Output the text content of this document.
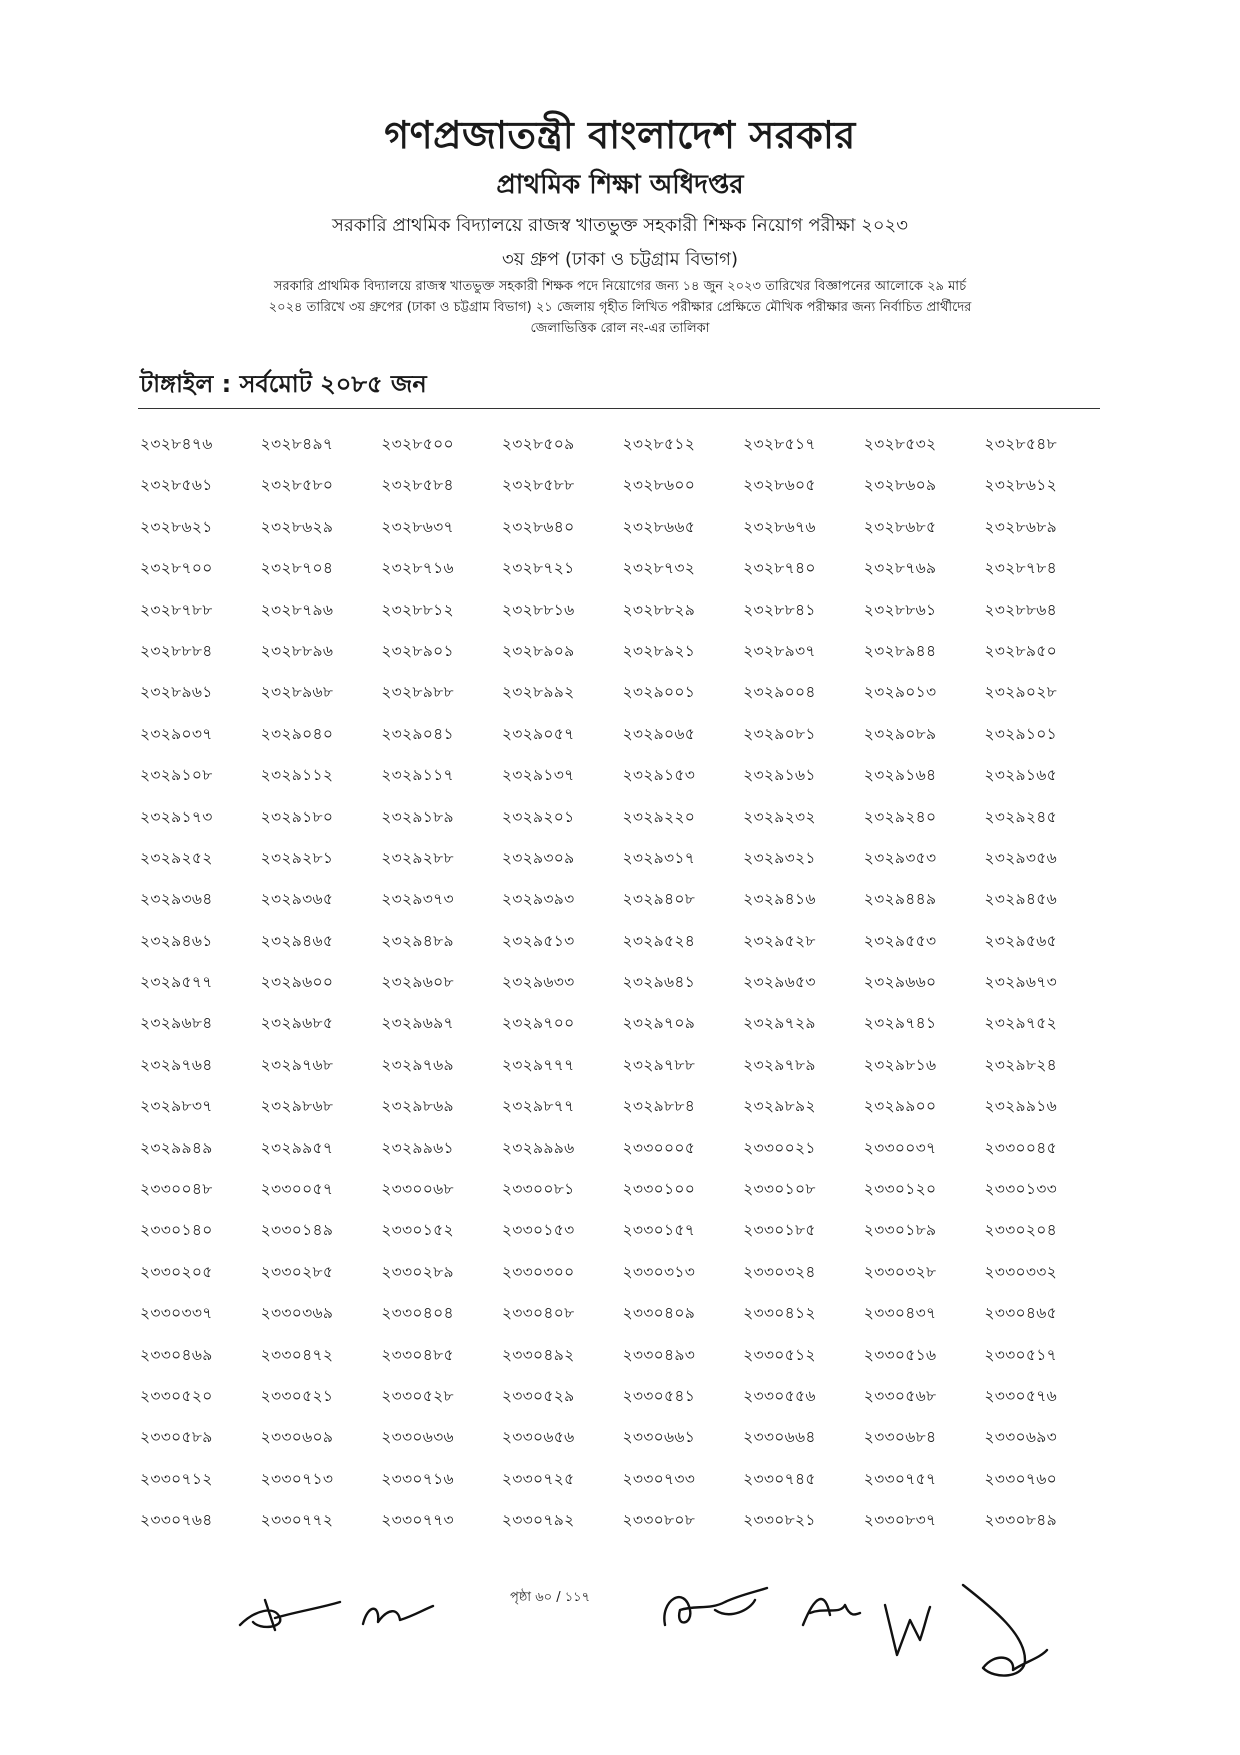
গণপ্রজাতন্ত্রী বাংলাদেশ সরকার
প্রাথমিক শিক্ষা অধিদপ্তর
সরকারি প্রাথমিক বিদ্যালয়ে রাজস্ব খাতভুক্ত সহকারী শিক্ষক নিয়োগ পরীক্ষা ২০২৩
৩য় গ্রুপ (ঢাকা ও চট্টগ্রাম বিভাগ)
সরকারি প্রাথমিক বিদ্যালয়ে রাজস্ব খাতভুক্ত সহকারী শিক্ষক পদে নিয়োগের জন্য ১৪ জুন ২০২৩ তারিখের বিজ্ঞাপনের আলোকে ২৯ মার্চ
২০২৪ তারিখে ৩য় গ্রুপের (ঢাকা ও চট্টগ্রাম বিভাগ) ২১ জেলায় গৃহীত লিখিত পরীক্ষার প্রেক্ষিতে মৌখিক পরীক্ষার জন্য নির্বাচিত প্রার্থীদের
জেলাভিত্তিক রোল নং-এর তালিকা
টাঙ্গাইল : সর্বমোট ২০৮৫ জন
২৩২৮৪৭৬	২৩২৮৪৯৭	২৩২৮৫০০	২৩২৮৫০৯	২৩২৮৫১২	২৩২৮৫১৭	২৩২৮৫৩২	২৩২৮৫৪৮
২৩২৮৫৬১	২৩২৮৫৮০	২৩২৮৫৮৪	২৩২৮৫৮৮	২৩২৮৬০০	২৩২৮৬০৫	২৩২৮৬০৯	২৩২৮৬১২
২৩২৮৬২১	২৩২৮৬২৯	২৩২৮৬৩৭	২৩২৮৬৪০	২৩২৮৬৬৫	২৩২৮৬৭৬	২৩২৮৬৮৫	২৩২৮৬৮৯
২৩২৮৭০০	২৩২৮৭০৪	২৩২৮৭১৬	২৩২৮৭২১	২৩২৮৭৩২	২৩২৮৭৪০	২৩২৮৭৬৯	২৩২৮৭৮৪
২৩২৮৭৮৮	২৩২৮৭৯৬	২৩২৮৮১২	২৩২৮৮১৬	২৩২৮৮২৯	২৩২৮৮৪১	২৩২৮৮৬১	২৩২৮৮৬৪
২৩২৮৮৮৪	২৩২৮৮৯৬	২৩২৮৯০১	২৩২৮৯০৯	২৩২৮৯২১	২৩২৮৯৩৭	২৩২৮৯৪৪	২৩২৮৯৫০
২৩২৮৯৬১	২৩২৮৯৬৮	২৩২৮৯৮৮	২৩২৮৯৯২	২৩২৯০০১	২৩২৯০০৪	২৩২৯০১৩	২৩২৯০২৮
২৩২৯০৩৭	২৩২৯০৪০	২৩২৯০৪১	২৩২৯০৫৭	২৩২৯০৬৫	২৩২৯০৮১	২৩২৯০৮৯	২৩২৯১০১
২৩২৯১০৮	২৩২৯১১২	২৩২৯১১৭	২৩২৯১৩৭	২৩২৯১৫৩	২৩২৯১৬১	২৩২৯১৬৪	২৩২৯১৬৫
২৩২৯১৭৩	২৩২৯১৮০	২৩২৯১৮৯	২৩২৯২০১	২৩২৯২২০	২৩২৯২৩২	২৩২৯২৪০	২৩২৯২৪৫
২৩২৯২৫২	২৩২৯২৮১	২৩২৯২৮৮	২৩২৯৩০৯	২৩২৯৩১৭	২৩২৯৩২১	২৩২৯৩৫৩	২৩২৯৩৫৬
২৩২৯৩৬৪	২৩২৯৩৬৫	২৩২৯৩৭৩	২৩২৯৩৯৩	২৩২৯৪০৮	২৩২৯৪১৬	২৩২৯৪৪৯	২৩২৯৪৫৬
২৩২৯৪৬১	২৩২৯৪৬৫	২৩২৯৪৮৯	২৩২৯৫১৩	২৩২৯৫২৪	২৩২৯৫২৮	২৩২৯৫৫৩	২৩২৯৫৬৫
২৩২৯৫৭৭	২৩২৯৬০০	২৩২৯৬০৮	২৩২৯৬৩৩	২৩২৯৬৪১	২৩২৯৬৫৩	২৩২৯৬৬০	২৩২৯৬৭৩
২৩২৯৬৮৪	২৩২৯৬৮৫	২৩২৯৬৯৭	২৩২৯৭০০	২৩২৯৭০৯	২৩২৯৭২৯	২৩২৯৭৪১	২৩২৯৭৫২
২৩২৯৭৬৪	২৩২৯৭৬৮	২৩২৯৭৬৯	২৩২৯৭৭৭	২৩২৯৭৮৮	২৩২৯৭৮৯	২৩২৯৮১৬	২৩২৯৮২৪
২৩২৯৮৩৭	২৩২৯৮৬৮	২৩২৯৮৬৯	২৩২৯৮৭৭	২৩২৯৮৮৪	২৩২৯৮৯২	২৩২৯৯০০	২৩২৯৯১৬
২৩২৯৯৪৯	২৩২৯৯৫৭	২৩২৯৯৬১	২৩২৯৯৯৬	২৩৩০০০৫	২৩৩০০২১	২৩৩০০৩৭	২৩৩০০৪৫
২৩৩০০৪৮	২৩৩০০৫৭	২৩৩০০৬৮	২৩৩০০৮১	২৩৩০১০০	২৩৩০১০৮	২৩৩০১২০	২৩৩০১৩৩
২৩৩০১৪০	২৩৩০১৪৯	২৩৩০১৫২	২৩৩০১৫৩	২৩৩০১৫৭	২৩৩০১৮৫	২৩৩০১৮৯	২৩৩০২০৪
২৩৩০২০৫	২৩৩০২৮৫	২৩৩০২৮৯	২৩৩০৩০০	২৩৩০৩১৩	২৩৩০৩২৪	২৩৩০৩২৮	২৩৩০৩৩২
২৩৩০৩৩৭	২৩৩০৩৬৯	২৩৩০৪০৪	২৩৩০৪০৮	২৩৩০৪০৯	২৩৩০৪১২	২৩৩০৪৩৭	২৩৩০৪৬৫
২৩৩০৪৬৯	২৩৩০৪৭২	২৩৩০৪৮৫	২৩৩০৪৯২	২৩৩০৪৯৩	২৩৩০৫১২	২৩৩০৫১৬	২৩৩০৫১৭
২৩৩০৫২০	২৩৩০৫২১	২৩৩০৫২৮	২৩৩০৫২৯	২৩৩০৫৪১	২৩৩০৫৫৬	২৩৩০৫৬৮	২৩৩০৫৭৬
২৩৩০৫৮৯	২৩৩০৬০৯	২৩৩০৬৩৬	২৩৩০৬৫৬	২৩৩০৬৬১	২৩৩০৬৬৪	২৩৩০৬৮৪	২৩৩০৬৯৩
২৩৩০৭১২	২৩৩০৭১৩	২৩৩০৭১৬	২৩৩০৭২৫	২৩৩০৭৩৩	২৩৩০৭৪৫	২৩৩০৭৫৭	২৩৩০৭৬০
২৩৩০৭৬৪	২৩৩০৭৭২	২৩৩০৭৭৩	২৩৩০৭৯২	২৩৩০৮০৮	২৩৩০৮২১	২৩৩০৮৩৭	২৩৩০৮৪৯
পৃষ্ঠা ৬০ / ১১৭
